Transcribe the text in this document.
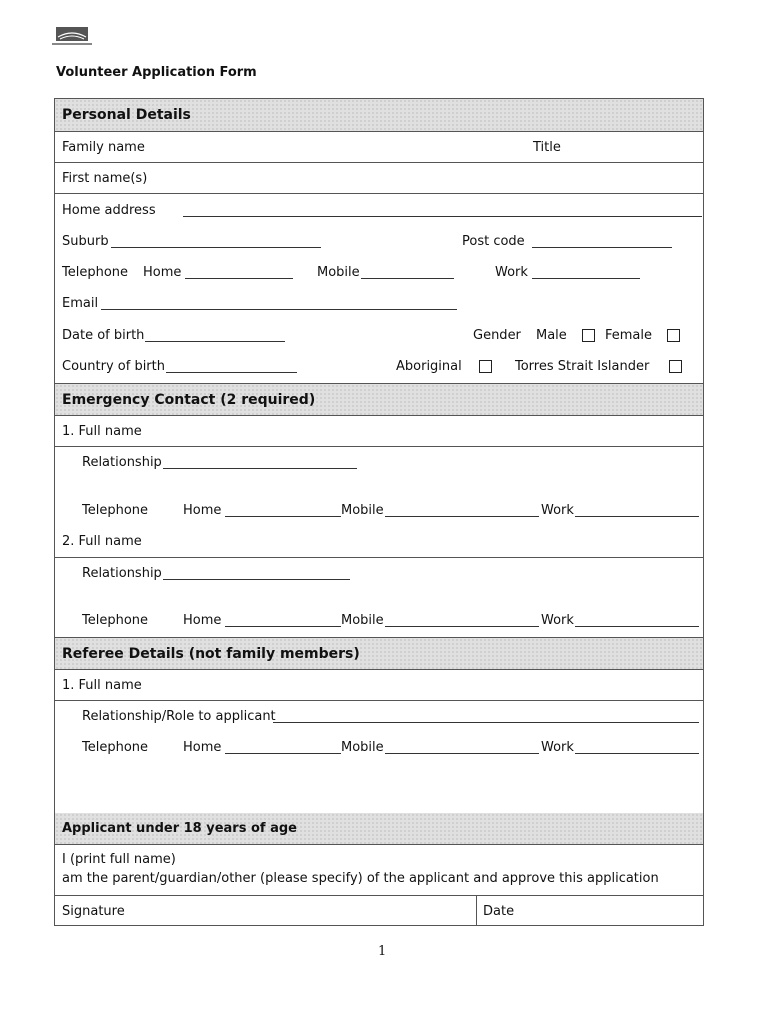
Volunteer Application Form
Personal Details
Family name	Title
First name(s)
Home address
Suburb	Post code
Telephone Home	Mobile	Work
Email
Date of birth	Gender Male	Female
Country of birth	Aboriginal	Torres Strait Islander
Emergency Contact (2 required)
1. Full name
Relationship
Telephone	Home	Mobile	Work
2. Full name
Relationship
Telephone	Home	Mobile	Work
Referee Details (not family members)
1. Full name
Relationship/Role to applicant
Telephone	Home	Mobile	Work
Applicant under 18 years of age
I (print full name)
am the parent/guardian/other (please specify) of the applicant and approve this application
Signature	Date
1
